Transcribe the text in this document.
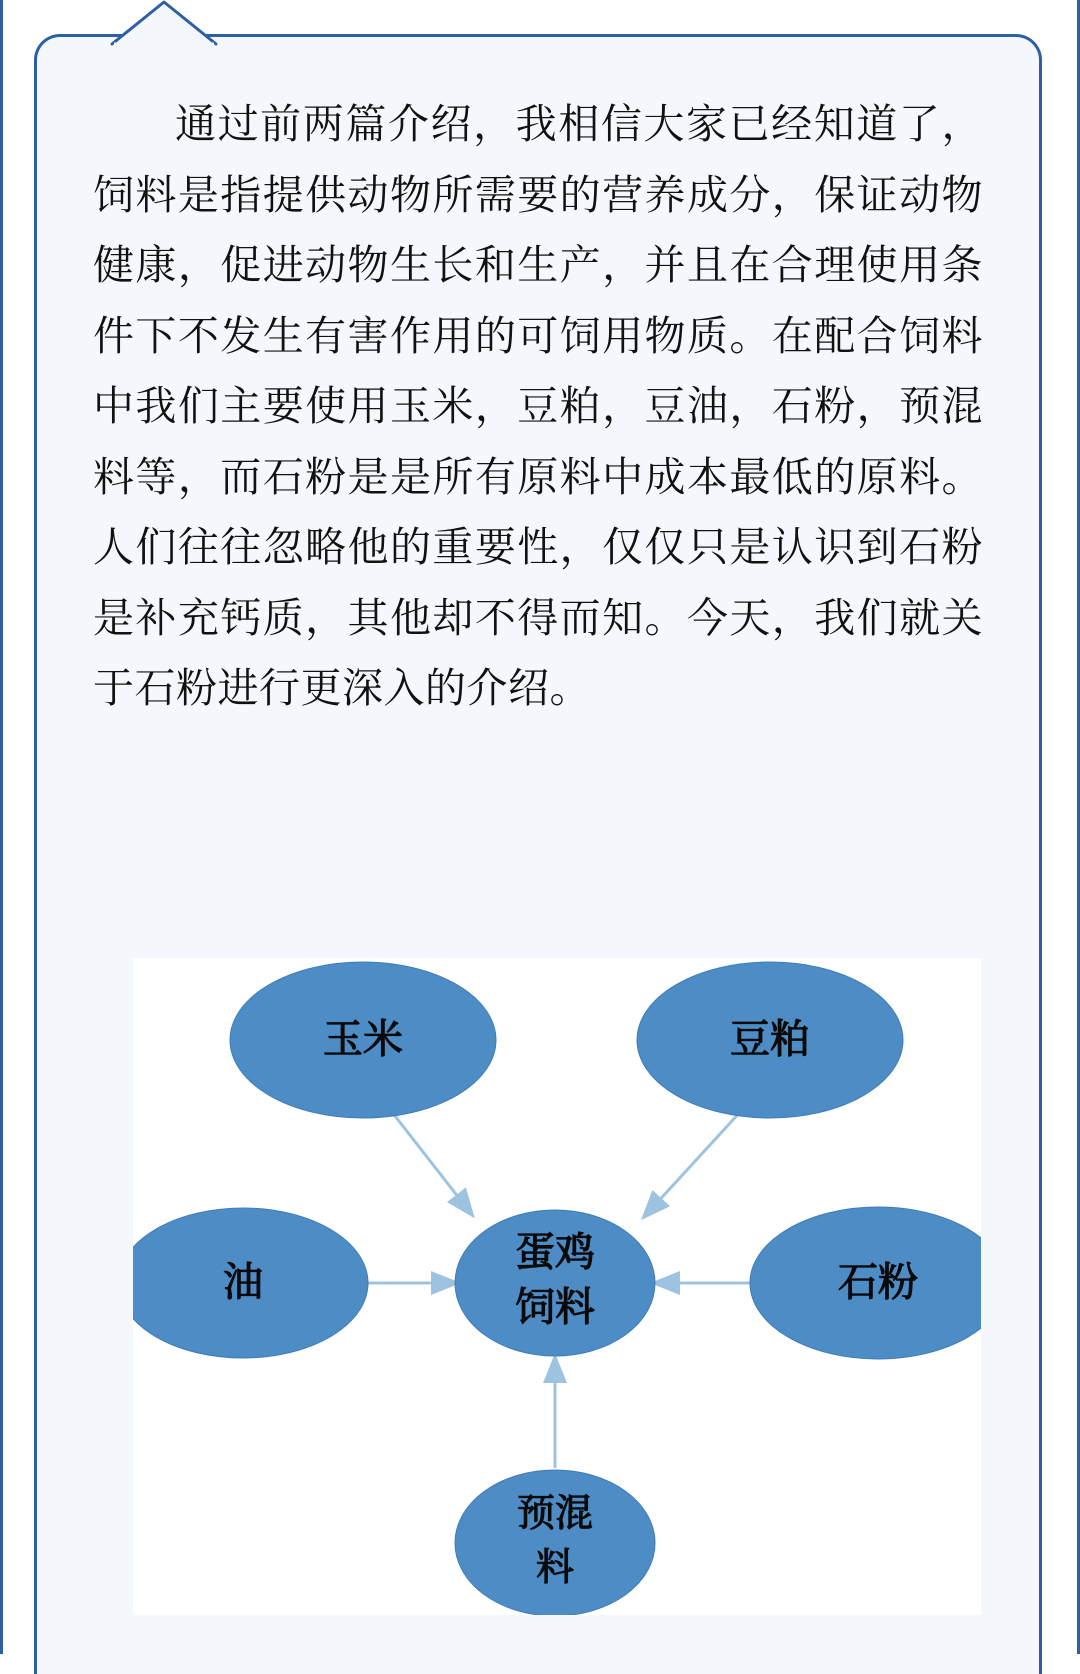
通过前两篇介绍，我相信大家已经知道了，饲料是指提供动物所需要的营养成分，保证动物健康，促进动物生长和生产，并且在合理使用条件下不发生有害作用的可饲用物质。在配合饲料中我们主要使用玉米，豆粕，豆油，石粉，预混料等，而石粉是是所有原料中成本最低的原料。人们往往忽略他的重要性，仅仅只是认识到石粉是补充钙质，其他却不得而知。今天，我们就关于石粉进行更深入的介绍。

玉米	豆粕
油	石粉
蛋鸡
饲料
预混
料
